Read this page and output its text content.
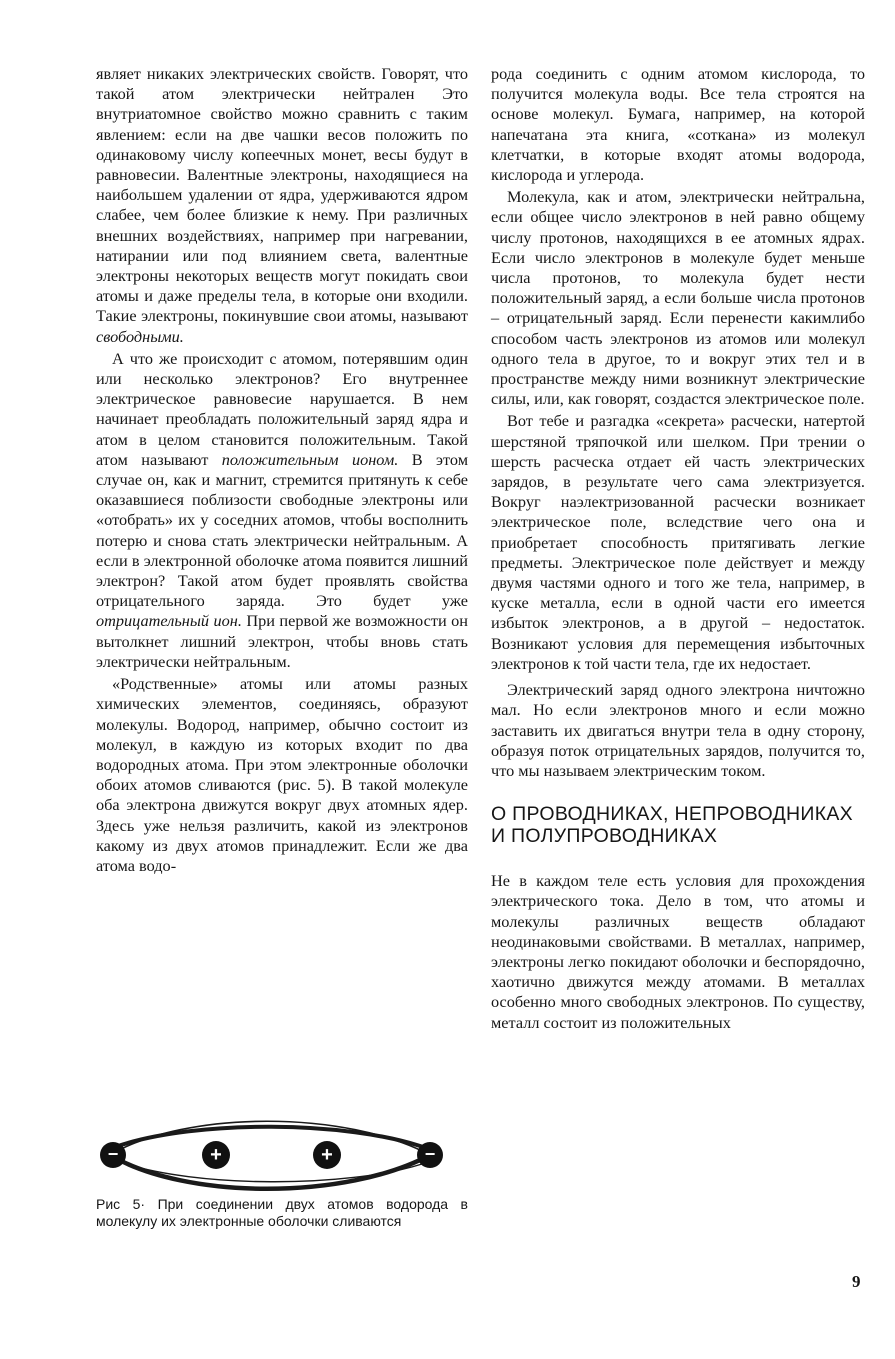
являет никаких электрических свойств. Говорят, что такой атом электрически нейтрален Это внутриатомное свойство можно сравнить с таким явлением: если на две чашки весов положить по одинаковому числу копеечных монет, весы будут в равновесии. Валентные электроны, находящиеся на наибольшем удалении от ядра, удерживаются ядром слабее, чем более близкие к нему. При различных внешних воздействиях, например при нагревании, натирании или под влиянием света, валентные электроны некоторых веществ могут покидать свои атомы и даже пределы тела, в которые они входили. Такие электроны, покинувшие свои атомы, называют свободными.

А что же происходит с атомом, потерявшим один или несколько электронов? Его внутреннее электрическое равновесие нарушается. В нем начинает преобладать положительный заряд ядра и атом в целом становится положительным. Такой атом называют положительным ионом. В этом случае он, как и магнит, стремится притянуть к себе оказавшиеся поблизости свободные электроны или «отобрать» их у соседних атомов, чтобы восполнить потерю и снова стать электрически нейтральным. А если в электронной оболочке атома появится лишний электрон? Такой атом будет проявлять свойства отрицательного заряда. Это будет уже отрицательный ион. При первой же возможности он вытолкнет лишний электрон, чтобы вновь стать электрически нейтральным.

«Родственные» атомы или атомы разных химических элементов, соединяясь, образуют молекулы. Водород, например, обычно состоит из молекул, в каждую из которых входит по два водородных атома. При этом электронные оболочки обоих атомов сливаются (рис. 5). В такой молекуле оба электрона движутся вокруг двух атомных ядер. Здесь уже нельзя различить, какой из электронов какому из двух атомов принадлежит. Если же два атома водо-

−	+	+	−
Рис 5· При соединении двух атомов водорода в молекулу их электронные оболочки сливаются

рода соединить с одним атомом кислорода, то получится молекула воды. Все тела строятся на основе молекул. Бумага, например, на которой напечатана эта книга, «соткана» из молекул клетчатки, в которые входят атомы водорода, кислорода и углерода.

Молекула, как и атом, электрически нейтральна, если общее число электронов в ней равно общему числу протонов, находящихся в ее атомных ядрах. Если число электронов в молекуле будет меньше числа протонов, то молекула будет нести положительный заряд, а если больше числа протонов – отрицательный заряд. Если перенести какимлибо способом часть электронов из атомов или молекул одного тела в другое, то и вокруг этих тел и в пространстве между ними возникнут электрические силы, или, как говорят, создастся электрическое поле.

Вот тебе и разгадка «секрета» расчески, натертой шерстяной тряпочкой или шелком. При трении о шерсть расческа отдает ей часть электрических зарядов, в результате чего сама электризуется. Вокруг наэлектризованной расчески возникает электрическое поле, вследствие чего она и приобретает способность притягивать легкие предметы. Электрическое поле действует и между двумя частями одного и того же тела, например, в куске металла, если в одной части его имеется избыток электронов, а в другой – недостаток. Возникают условия для перемещения избыточных электронов к той части тела, где их недостает.

Электрический заряд одного электрона ничтожно мал. Но если электронов много и если можно заставить их двигаться внутри тела в одну сторону, образуя поток отрицательных зарядов, получится то, что мы называем электрическим током.

О ПРОВОДНИКАХ, НЕПРОВОДНИКАХ И ПОЛУПРОВОДНИКАХ

Не в каждом теле есть условия для прохождения электрического тока. Дело в том, что атомы и молекулы различных веществ обладают неодинаковыми свойствами. В металлах, например, электроны легко покидают оболочки и беспорядочно, хаотично движутся между атомами. В металлах особенно много свободных электронов. По существу, металл состоит из положительных

9
